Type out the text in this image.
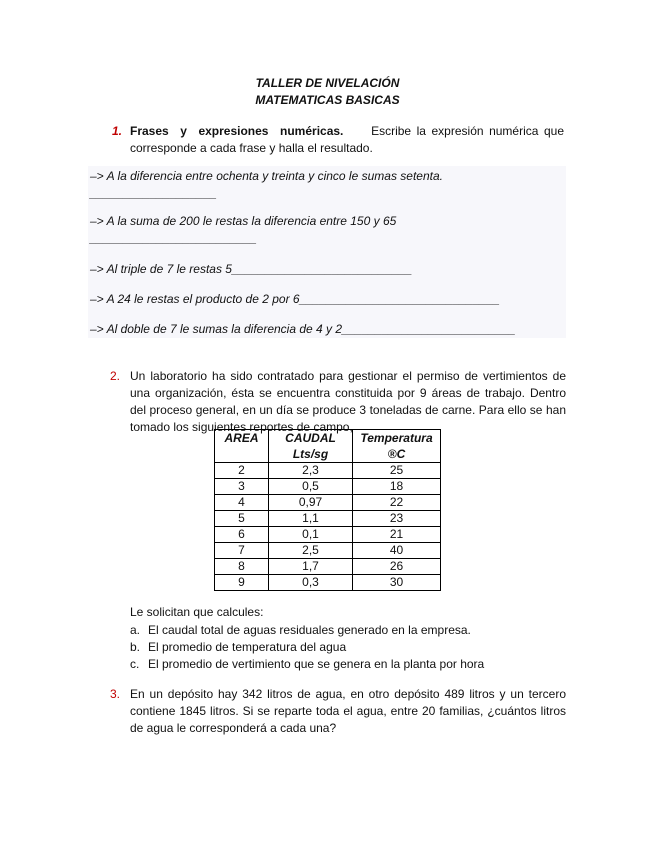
TALLER DE NIVELACIÓN
MATEMATICAS BASICAS
1. Frases y expresiones numéricas. Escribe la expresión numérica que corresponde a cada frase y halla el resultado.
–> A la diferencia entre ochenta y treinta y cinco le sumas setenta.
___________________
–> A la suma de 200 le restas la diferencia entre 150 y 65
_________________________
–> Al triple de 7 le restas 5___________________________
–> A 24 le restas el producto de 2 por 6______________________________
–> Al doble de 7 le sumas la diferencia de 4 y 2__________________________
2. Un laboratorio ha sido contratado para gestionar el permiso de vertimientos de una organización, ésta se encuentra constituida por 9 áreas de trabajo. Dentro del proceso general, en un día se produce 3 toneladas de carne. Para ello se han tomado los siguientes reportes de campo,
AREA	CAUDAL Lts/sg	Temperatura ®C
2	2,3	25
3	0,5	18
4	0,97	22
5	1,1	23
6	0,1	21
7	2,5	40
8	1,7	26
9	0,3	30
Le solicitan que calcules:
a. El caudal total de aguas residuales generado en la empresa.
b. El promedio de temperatura del agua
c. El promedio de vertimiento que se genera en la planta por hora
3. En un depósito hay 342 litros de agua, en otro depósito 489 litros y un tercero contiene 1845 litros. Si se reparte toda el agua, entre 20 familias, ¿cuántos litros de agua le corresponderá a cada una?
